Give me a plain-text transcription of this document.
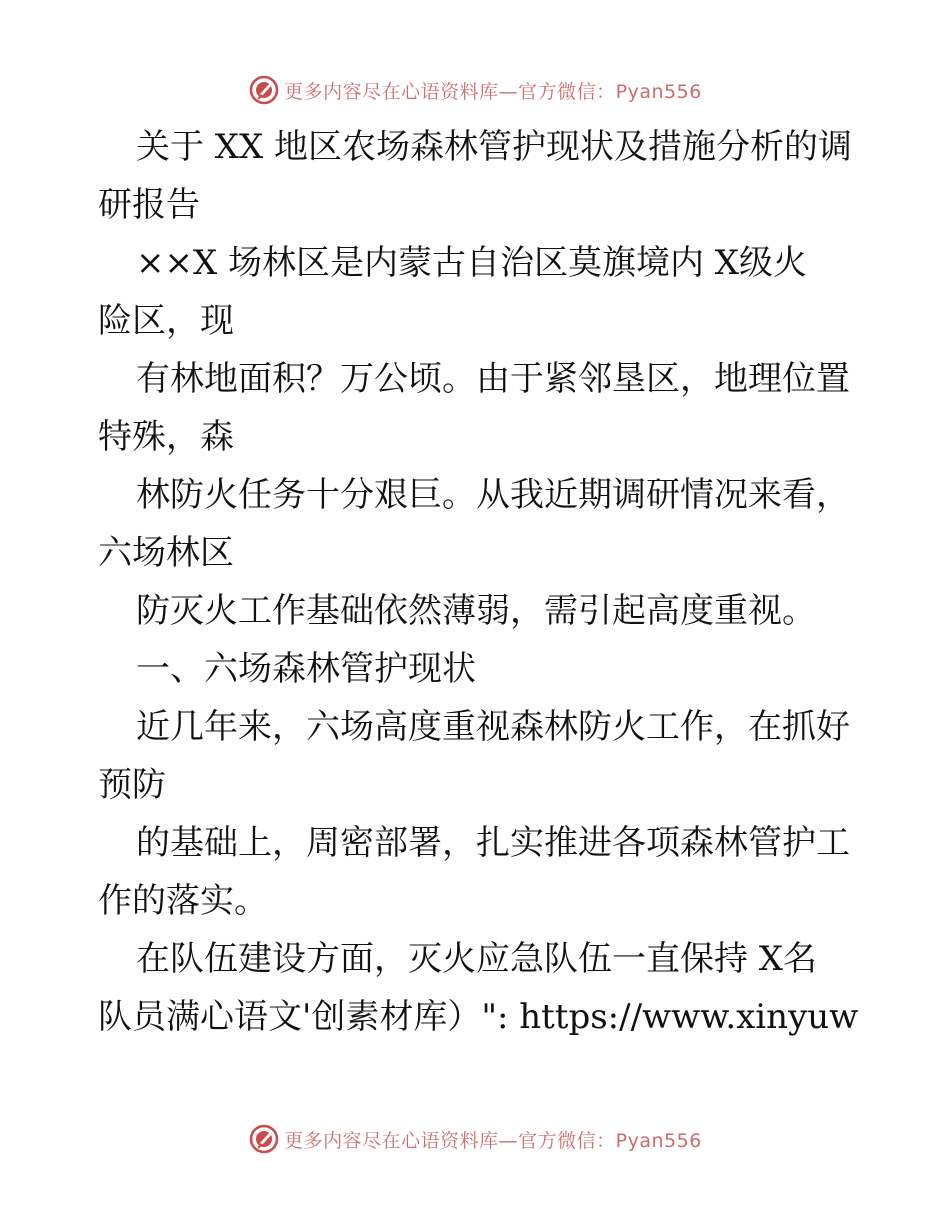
更多内容尽在心语资料库—官方微信：Pyan556
关于 XX 地区农场森林管护现状及措施分析的调
研报告
××X 场林区是内蒙古自治区莫旗境内 X级火
险区，现
有林地面积？万公顷。由于紧邻垦区，地理位置
特殊，森
林防火任务十分艰巨。从我近期调研情况来看，
六场林区
防灭火工作基础依然薄弱，需引起高度重视。
一、六场森林管护现状
近几年来，六场高度重视森林防火工作，在抓好
预防
的基础上，周密部署，扎实推进各项森林管护工
作的落实。
在队伍建设方面，灭火应急队伍一直保持 X名
队员满心语文'创素材库）": https://www.xinyuw
更多内容尽在心语资料库—官方微信：Pyan556
